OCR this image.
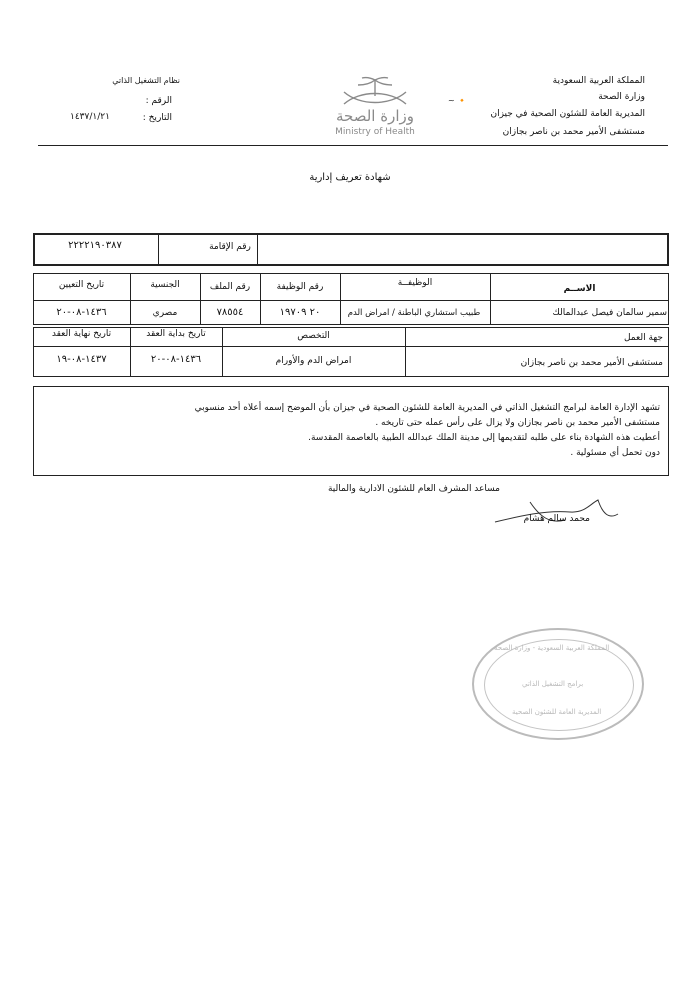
المملكة العربية السعودية
وزارة الصحة
المديرية العامة للشئون الصحية في جيزان
مستشفى الأمير محمد بن ناصر بجازان
~ 🔸
وزارة الصحة
Ministry of Health
نظام التشغيل الذاتي
الرقم :
التاريخ :
١٤٣٧/١/٢١
شهادة تعريف إدارية
رقم الإقامة
٢٢٢٢١٩٠٣٨٧
الاســم
الوظيفــة
رقم الوظيفة
رقم الملف
الجنسية
تاريخ التعيين
سمير سالمان فيصل عبدالمالك
طبيب استشاري الباطنة / امراض الدم
٢٠ ١٩٧٠٩
٧٨٥٥٤
مصري
١٤٣٦-٠٨-٢٠
جهة العمل
التخصص
تاريخ بداية العقد
تاريخ نهاية العقد
مستشفى الأمير محمد بن ناصر بجازان
امراض الدم والأورام
١٤٣٦-٠٨-٢٠
١٤٣٧-٠٨-١٩
تشهد الإدارة العامة لبرامج التشغيل الذاتي في المديرية العامة للشئون الصحية في جيزان بأن الموضح إسمه أعلاه أحد منسوبي
مستشفى الأمير محمد بن ناصر بجازان ولا يزال على رأس عمله حتى تاريخه .
أعطيت هذه الشهادة بناء على طلبه لتقديمها إلى مدينة الملك عبدالله الطبية بالعاصمة المقدسة.
دون تحمل أي مسئولية .
مساعد المشرف العام للشئون الادارية والمالية
محمد سالم هشام
المملكة العربية السعودية - وزارة الصحة
برامج التشغيل الذاتي
المديرية العامة للشئون الصحية
